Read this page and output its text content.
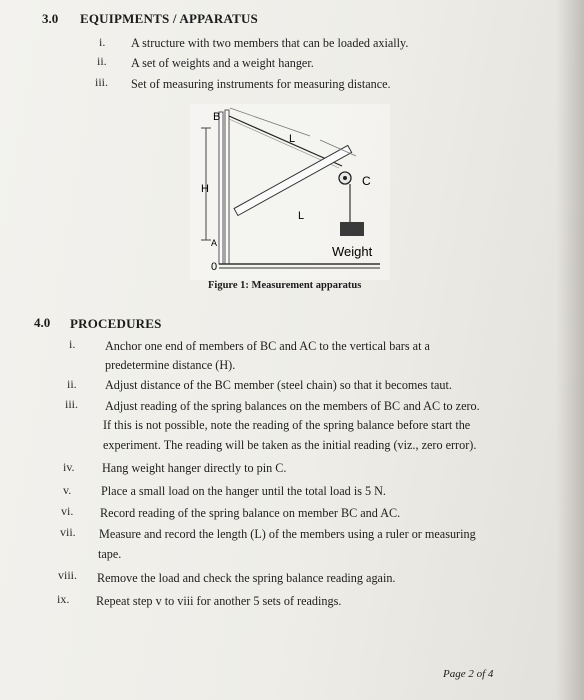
3.0 EQUIPMENTS / APPARATUS
i. A structure with two members that can be loaded axially.
ii. A set of weights and a weight hanger.
iii. Set of measuring instruments for measuring distance.
B
H
A
L
L
C
0
Weight
Figure 1: Measurement apparatus
4.0 PROCEDURES
i. Anchor one end of members of BC and AC to the vertical bars at a
predetermine distance (H).
ii. Adjust distance of the BC member (steel chain) so that it becomes taut.
iii. Adjust reading of the spring balances on the members of BC and AC to zero.
If this is not possible, note the reading of the spring balance before start the
experiment. The reading will be taken as the initial reading (viz., zero error).
iv. Hang weight hanger directly to pin C.
v. Place a small load on the hanger until the total load is 5 N.
vi. Record reading of the spring balance on member BC and AC.
vii. Measure and record the length (L) of the members using a ruler or measuring
tape.
viii. Remove the load and check the spring balance reading again.
ix. Repeat step v to viii for another 5 sets of readings.
Page 2 of 4
